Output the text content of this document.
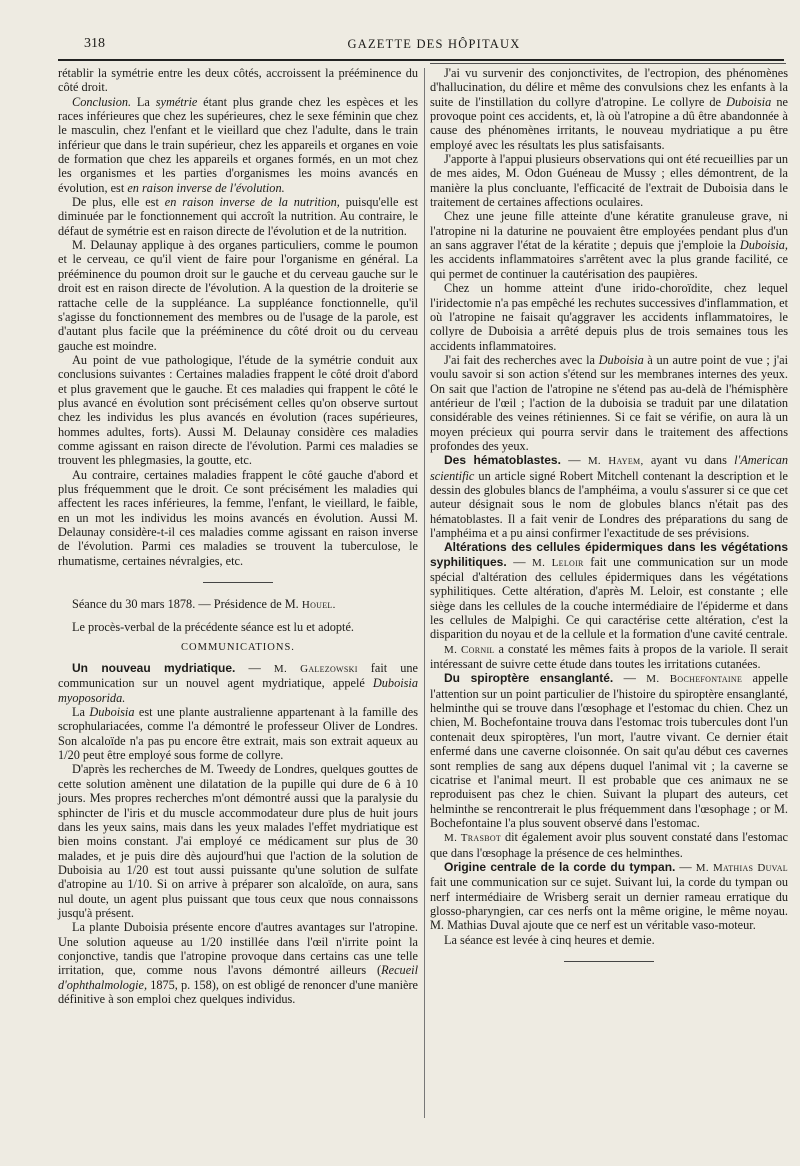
318	GAZETTE DES HÔPITAUX

rétablir la symétrie entre les deux côtés, accroissent la prééminence du côté droit.

Conclusion. La symétrie étant plus grande chez les espèces et les races inférieures que chez les supérieures, chez le sexe féminin que chez le masculin, chez l'enfant et le vieillard que chez l'adulte, dans le train inférieur que dans le train supérieur, chez les appareils et organes en voie de formation que chez les appareils et organes formés, en un mot chez les organismes et les parties d'organismes les moins avancés en évolution, est en raison inverse de l'évolution.

De plus, elle est en raison inverse de la nutrition, puisqu'elle est diminuée par le fonctionnement qui accroît la nutrition. Au contraire, le défaut de symétrie est en raison directe de l'évolution et de la nutrition.

M. Delaunay applique à des organes particuliers, comme le poumon et le cerveau, ce qu'il vient de faire pour l'organisme en général. La prééminence du poumon droit sur le gauche et du cerveau gauche sur le droit est en raison directe de l'évolution. A la question de la droiterie se rattache celle de la suppléance. La suppléance fonctionnelle, qu'il s'agisse du fonctionnement des membres ou de l'usage de la parole, est d'autant plus facile que la prééminence du côté droit ou du cerveau gauche est moindre.

Au point de vue pathologique, l'étude de la symétrie conduit aux conclusions suivantes : Certaines maladies frappent le côté droit d'abord et plus gravement que le gauche. Et ces maladies qui frappent le côté le plus avancé en évolution sont précisément celles qu'on observe surtout chez les individus les plus avancés en évolution (races supérieures, hommes adultes, forts). Aussi M. Delaunay considère ces maladies comme agissant en raison directe de l'évolution. Parmi ces maladies se trouvent les phlegmasies, la goutte, etc.

Au contraire, certaines maladies frappent le côté gauche d'abord et plus fréquemment que le droit. Ce sont précisément les maladies qui affectent les races inférieures, la femme, l'enfant, le vieillard, le faible, en un mot les individus les moins avancés en évolution. Aussi M. Delaunay considère-t-il ces maladies comme agissant en raison inverse de l'évolution. Parmi ces maladies se trouvent la tuberculose, le rhumatisme, certaines névralgies, etc.

Séance du 30 mars 1878. — Présidence de M. Houel.

Le procès-verbal de la précédente séance est lu et adopté.

COMMUNICATIONS.

Un nouveau mydriatique. — M. Galezowski fait une communication sur un nouvel agent mydriatique, appelé Duboisia myoposorida.

La Duboisia est une plante australienne appartenant à la famille des scrophulariacées, comme l'a démontré le professeur Oliver de Londres. Son alcaloïde n'a pas pu encore être extrait, mais son extrait aqueux au 1/20 peut être employé sous forme de collyre.

D'après les recherches de M. Tweedy de Londres, quelques gouttes de cette solution amènent une dilatation de la pupille qui dure de 6 à 10 jours. Mes propres recherches m'ont démontré aussi que la paralysie du sphincter de l'iris et du muscle accommodateur dure plus de huit jours dans les yeux sains, mais dans les yeux malades l'effet mydriatique est bien moins constant. J'ai employé ce médicament sur plus de 30 malades, et je puis dire dès aujourd'hui que l'action de la solution de Duboisia au 1/20 est tout aussi puissante qu'une solution de sulfate d'atropine au 1/10. Si on arrive à préparer son alcaloïde, on aura, sans nul doute, un agent plus puissant que tous ceux que nous connaissons jusqu'à présent.

La plante Duboisia présente encore d'autres avantages sur l'atropine. Une solution aqueuse au 1/20 instillée dans l'œil n'irrite point la conjonctive, tandis que l'atropine provoque dans certains cas une telle irritation, que, comme nous l'avons démontré ailleurs (Recueil d'ophthalmologie, 1875, p. 158), on est obligé de renoncer d'une manière définitive à son emploi chez quelques individus.

J'ai vu survenir des conjonctivites, de l'ectropion, des phénomènes d'hallucination, du délire et même des convulsions chez les enfants à la suite de l'instillation du collyre d'atropine. Le collyre de Duboisia ne provoque point ces accidents, et, là où l'atropine a dû être abandonnée à cause des phénomènes irritants, le nouveau mydriatique a pu être employé avec les résultats les plus satisfaisants.

J'apporte à l'appui plusieurs observations qui ont été recueillies par un de mes aides, M. Odon Guéneau de Mussy ; elles démontrent, de la manière la plus concluante, l'efficacité de l'extrait de Duboisia dans le traitement de certaines affections oculaires.

Chez une jeune fille atteinte d'une kératite granuleuse grave, ni l'atropine ni la daturine ne pouvaient être employées pendant plus d'un an sans aggraver l'état de la kératite ; depuis que j'emploie la Duboisia, les accidents inflammatoires s'arrêtent avec la plus grande facilité, ce qui permet de continuer la cautérisation des paupières.

Chez un homme atteint d'une irido-choroïdite, chez lequel l'iridectomie n'a pas empêché les rechutes successives d'inflammation, et où l'atropine ne faisait qu'aggraver les accidents inflammatoires, le collyre de Duboisia a arrêté depuis plus de trois semaines tous les accidents inflammatoires.

J'ai fait des recherches avec la Duboisia à un autre point de vue ; j'ai voulu savoir si son action s'étend sur les membranes internes des yeux. On sait que l'action de l'atropine ne s'étend pas au-delà de l'hémisphère antérieur de l'œil ; l'action de la duboisia se traduit par une dilatation considérable des veines rétiniennes. Si ce fait se vérifie, on aura là un moyen précieux qui pourra servir dans le traitement des affections profondes des yeux.

Des hématoblastes. — M. Hayem, ayant vu dans l'American scientific un article signé Robert Mitchell contenant la description et le dessin des globules blancs de l'amphéima, a voulu s'assurer si ce que cet auteur désignait sous le nom de globules blancs n'était pas des hématoblastes. Il a fait venir de Londres des préparations du sang de l'amphéima et a pu ainsi confirmer l'exactitude de ses prévisions.

Altérations des cellules épidermiques dans les végétations syphilitiques. — M. Leloir fait une communication sur un mode spécial d'altération des cellules épidermiques dans les végétations syphilitiques. Cette altération, d'après M. Leloir, est constante ; elle siège dans les cellules de la couche intermédiaire de l'épiderme et dans les cellules de Malpighi. Ce qui caractérise cette altération, c'est la disparition du noyau et de la cellule et la formation d'une cavité centrale.

M. Cornil a constaté les mêmes faits à propos de la variole. Il serait intéressant de suivre cette étude dans toutes les irritations cutanées.

Du spiroptère ensanglanté. — M. Bochefontaine appelle l'attention sur un point particulier de l'histoire du spiroptère ensanglanté, helminthe qui se trouve dans l'œsophage et l'estomac du chien. Chez un chien, M. Bochefontaine trouva dans l'estomac trois tubercules dont l'un contenait deux spiroptères, l'un mort, l'autre vivant. Ce dernier était enfermé dans une caverne cloisonnée. On sait qu'au début ces cavernes sont remplies de sang aux dépens duquel l'animal vit ; la caverne se cicatrise et l'animal meurt. Il est probable que ces animaux ne se reproduisent pas chez le chien. Suivant la plupart des auteurs, cet helminthe se rencontrerait le plus fréquemment dans l'œsophage ; or M. Bochefontaine l'a plus souvent observé dans l'estomac.

M. Trasbot dit également avoir plus souvent constaté dans l'estomac que dans l'œsophage la présence de ces helminthes.

Origine centrale de la corde du tympan. — M. Mathias Duval fait une communication sur ce sujet. Suivant lui, la corde du tympan ou nerf intermédiaire de Wrisberg serait un dernier rameau erratique du glosso-pharyngien, car ces nerfs ont la même origine, le même noyau. M. Mathias Duval ajoute que ce nerf est un véritable vaso-moteur.

La séance est levée à cinq heures et demie.
